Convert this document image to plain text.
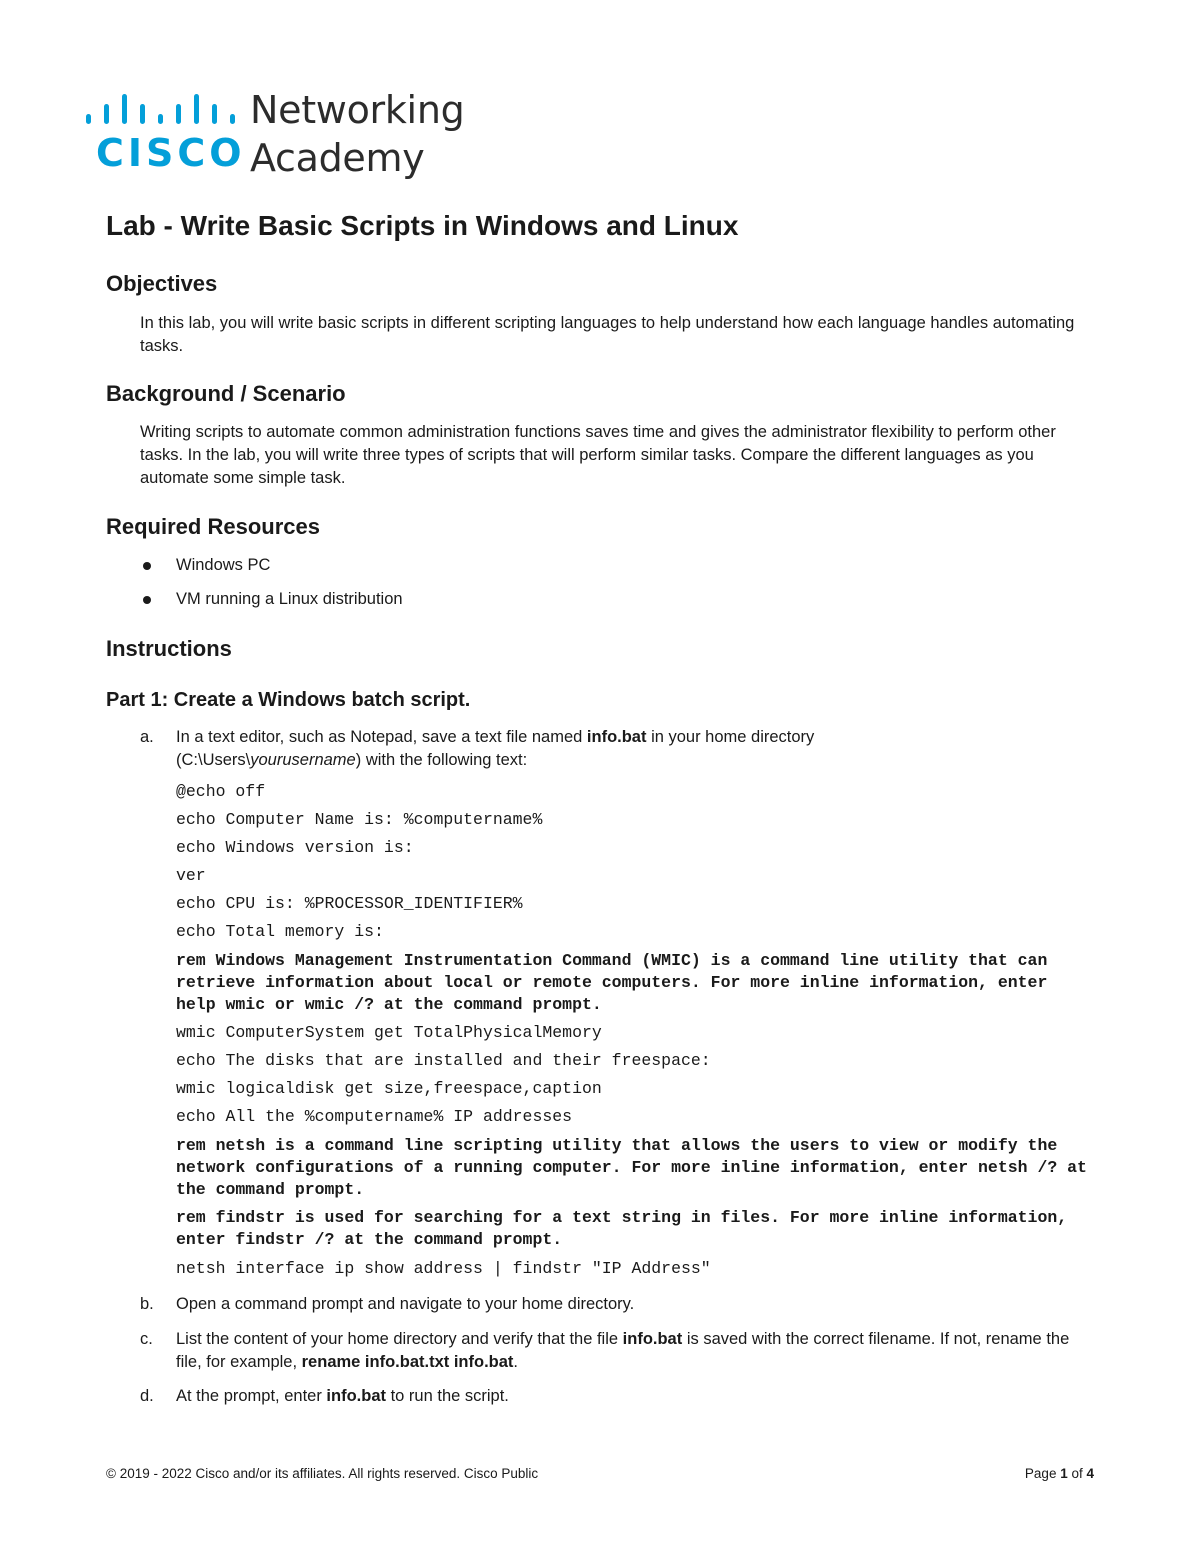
CISCO
Networking
Academy
Lab - Write Basic Scripts in Windows and Linux
Objectives

In this lab, you will write basic scripts in different scripting languages to help understand how each language handles automating tasks.

Background / Scenario

Writing scripts to automate common administration functions saves time and gives the administrator flexibility to perform other tasks. In the lab, you will write three types of scripts that will perform similar tasks. Compare the different languages as you automate some simple task.

Required Resources
Windows PC
VM running a Linux distribution
Instructions
Part 1: Create a Windows batch script.
a. In a text editor, such as Notepad, save a text file named info.bat in your home directory (C:\Users\yourusername) with the following text:
@echo off
echo Computer Name is: %computername%
echo Windows version is:
ver
echo CPU is: %PROCESSOR_IDENTIFIER%
echo Total memory is:
rem Windows Management Instrumentation Command (WMIC) is a command line utility that can retrieve information about local or remote computers. For more inline information, enter help wmic or wmic /? at the command prompt.
wmic ComputerSystem get TotalPhysicalMemory
echo The disks that are installed and their freespace:
wmic logicaldisk get size,freespace,caption
echo All the %computername% IP addresses
rem netsh is a command line scripting utility that allows the users to view or modify the network configurations of a running computer. For more inline information, enter netsh /? at the command prompt.
rem findstr is used for searching for a text string in files. For more inline information, enter findstr /? at the command prompt.
netsh interface ip show address | findstr "IP Address"
b. Open a command prompt and navigate to your home directory.
c. List the content of your home directory and verify that the file info.bat is saved with the correct filename. If not, rename the file, for example, rename info.bat.txt info.bat.
d. At the prompt, enter info.bat to run the script.
© 2019 - 2022 Cisco and/or its affiliates. All rights reserved. Cisco Public	Page 1 of 4
